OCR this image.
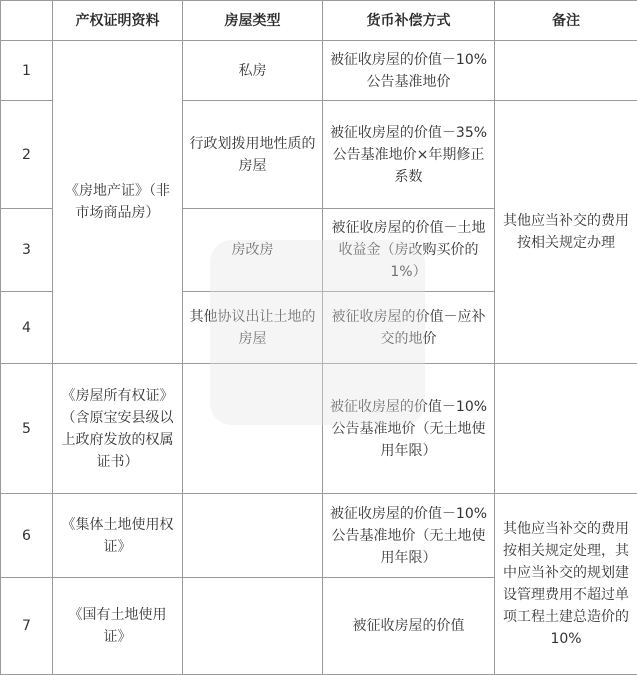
	产权证明资料	房屋类型	货币补偿方式	备注
1	《房地产证》（非市场商品房）	私房	被征收房屋的价值－10%公告基准地价	
2		行政划拨用地性质的房屋	被征收房屋的价值－35%公告基准地价×年期修正系数	其他应当补交的费用按相关规定办理
3		房改房	被征收房屋的价值－土地收益金（房改购买价的1%）	
4		其他协议出让土地的房屋	被征收房屋的价值－应补交的地价	
5	《房屋所有权证》（含原宝安县级以上政府发放的权属证书）		被征收房屋的价值－10%公告基准地价（无土地使用年限）	
6	《集体土地使用权证》		被征收房屋的价值－10%公告基准地价（无土地使用年限）	其他应当补交的费用按相关规定处理，其中应当补交的规划建设管理费用不超过单项工程土建总造价的10%
7	《国有土地使用证》		被征收房屋的价值	
